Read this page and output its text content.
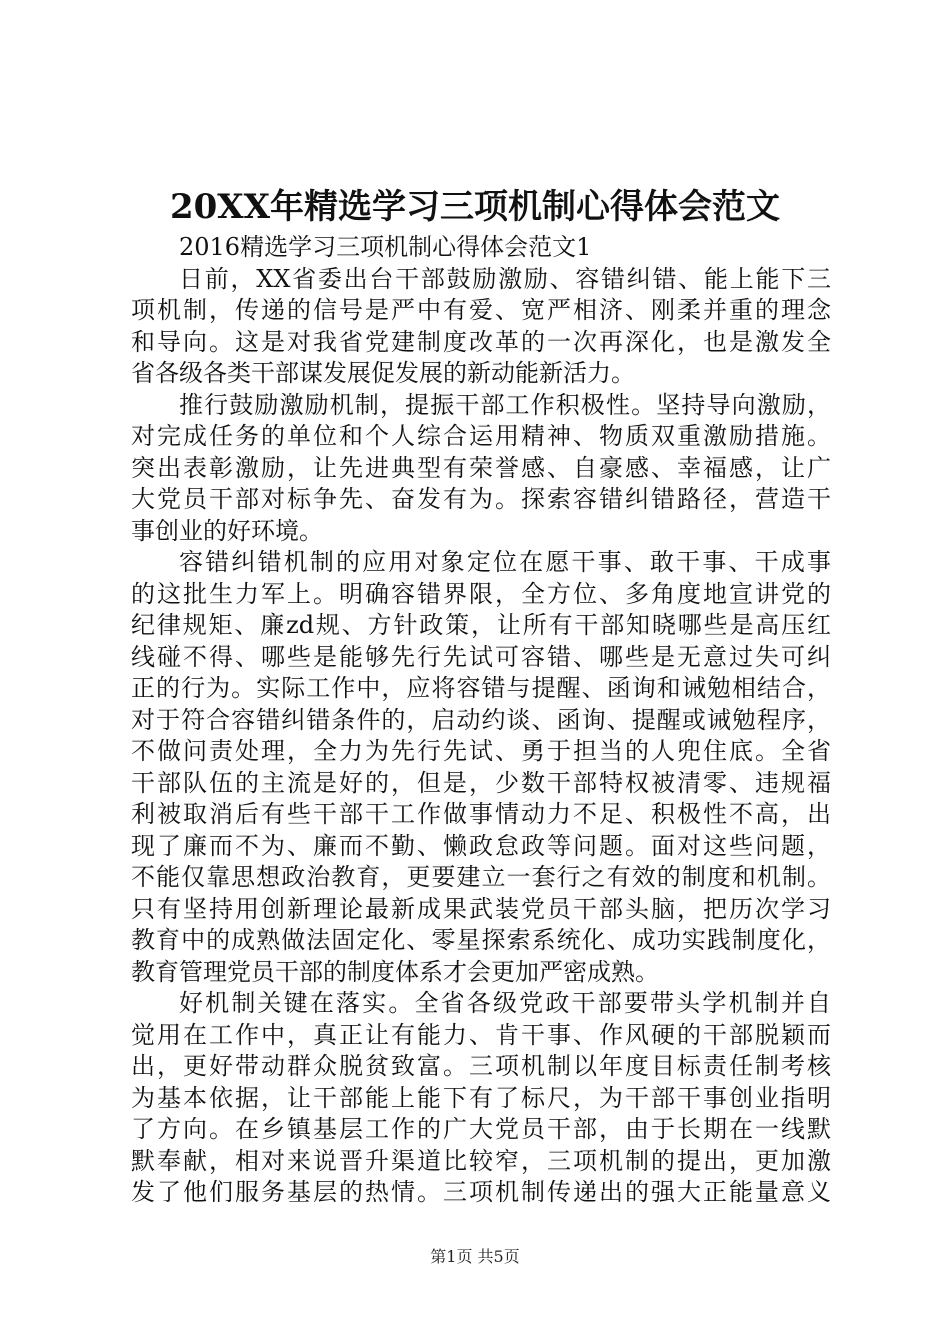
20XX年精选学习三项机制心得体会范文
2016精选学习三项机制心得体会范文1
日前，XX省委出台干部鼓励激励、容错纠错、能上能下三
项机制，传递的信号是严中有爱、宽严相济、刚柔并重的理念
和导向。这是对我省党建制度改革的一次再深化，也是激发全
省各级各类干部谋发展促发展的新动能新活力。
推行鼓励激励机制，提振干部工作积极性。坚持导向激励，
对完成任务的单位和个人综合运用精神、物质双重激励措施。
突出表彰激励，让先进典型有荣誉感、自豪感、幸福感，让广
大党员干部对标争先、奋发有为。探索容错纠错路径，营造干
事创业的好环境。
容错纠错机制的应用对象定位在愿干事、敢干事、干成事
的这批生力军上。明确容错界限，全方位、多角度地宣讲党的
纪律规矩、廉zd规、方针政策，让所有干部知晓哪些是高压红
线碰不得、哪些是能够先行先试可容错、哪些是无意过失可纠
正的行为。实际工作中，应将容错与提醒、函询和诫勉相结合，
对于符合容错纠错条件的，启动约谈、函询、提醒或诫勉程序，
不做问责处理，全力为先行先试、勇于担当的人兜住底。全省
干部队伍的主流是好的，但是，少数干部特权被清零、违规福
利被取消后有些干部干工作做事情动力不足、积极性不高，出
现了廉而不为、廉而不勤、懒政怠政等问题。面对这些问题，
不能仅靠思想政治教育，更要建立一套行之有效的制度和机制。
只有坚持用创新理论最新成果武装党员干部头脑，把历次学习
教育中的成熟做法固定化、零星探索系统化、成功实践制度化，
教育管理党员干部的制度体系才会更加严密成熟。
好机制关键在落实。全省各级党政干部要带头学机制并自
觉用在工作中，真正让有能力、肯干事、作风硬的干部脱颖而
出，更好带动群众脱贫致富。三项机制以年度目标责任制考核
为基本依据，让干部能上能下有了标尺，为干部干事创业指明
了方向。在乡镇基层工作的广大党员干部，由于长期在一线默
默奉献，相对来说晋升渠道比较窄，三项机制的提出，更加激
发了他们服务基层的热情。三项机制传递出的强大正能量意义
第1页 共5页
